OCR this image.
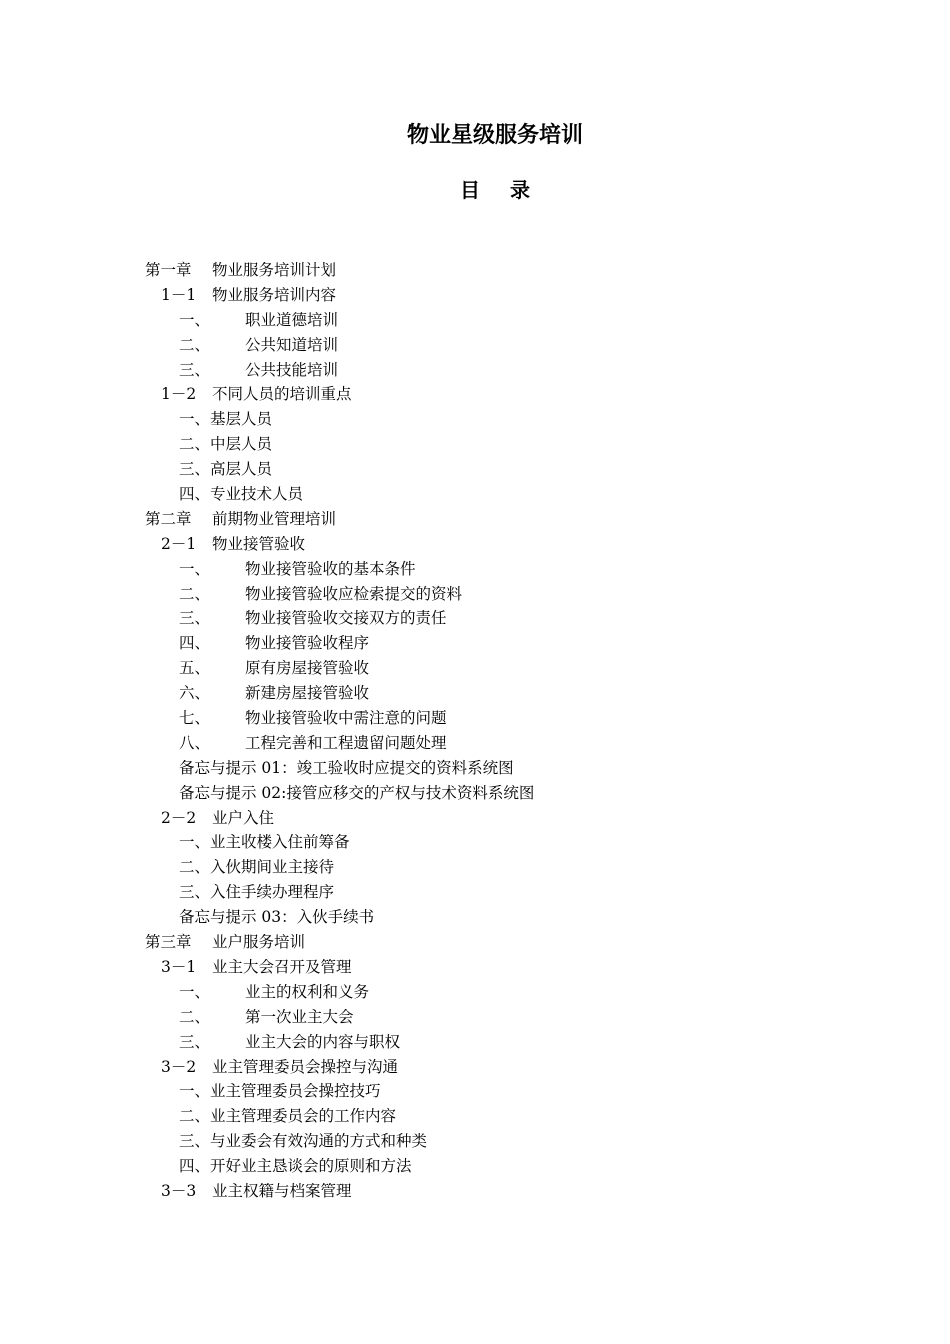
物业星级服务培训
目 录
第一章 物业服务培训计划
1－1 物业服务培训内容
一、 职业道德培训
二、 公共知道培训
三、 公共技能培训
1－2 不同人员的培训重点
一、基层人员
二、中层人员
三、高层人员
四、专业技术人员
第二章 前期物业管理培训
2－1 物业接管验收
一、 物业接管验收的基本条件
二、 物业接管验收应检索提交的资料
三、 物业接管验收交接双方的责任
四、 物业接管验收程序
五、 原有房屋接管验收
六、 新建房屋接管验收
七、 物业接管验收中需注意的问题
八、 工程完善和工程遗留问题处理
备忘与提示 01：竣工验收时应提交的资料系统图
备忘与提示 02:接管应移交的产权与技术资料系统图
2－2 业户入住
一、业主收楼入住前筹备
二、入伙期间业主接待
三、入住手续办理程序
备忘与提示 03：入伙手续书
第三章 业户服务培训
3－1 业主大会召开及管理
一、 业主的权利和义务
二、 第一次业主大会
三、 业主大会的内容与职权
3－2 业主管理委员会操控与沟通
一、业主管理委员会操控技巧
二、业主管理委员会的工作内容
三、与业委会有效沟通的方式和种类
四、开好业主恳谈会的原则和方法
3－3 业主权籍与档案管理
